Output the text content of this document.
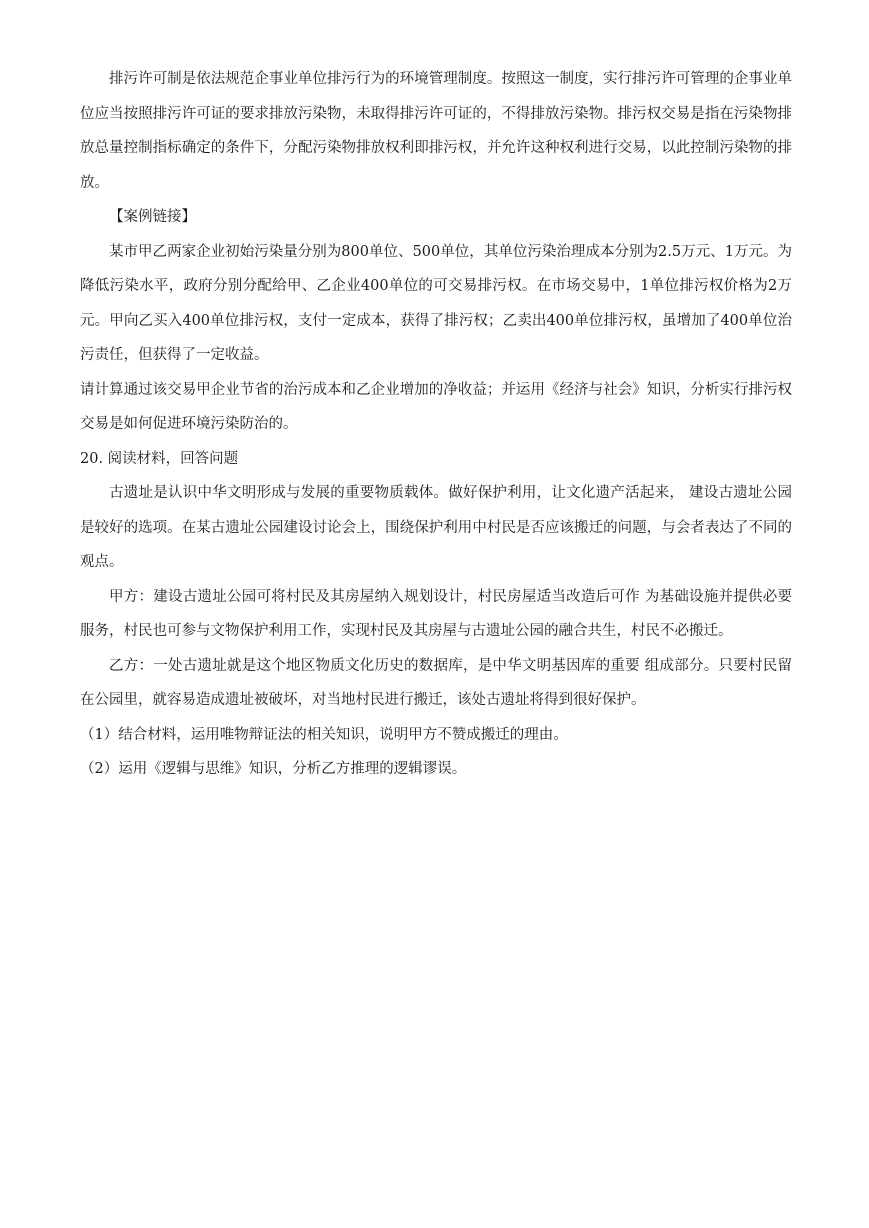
排污许可制是依法规范企事业单位排污行为的环境管理制度。按照这一制度，实行排污许可管理的企事业单位应当按照排污许可证的要求排放污染物，未取得排污许可证的，不得排放污染物。排污权交易是指在污染物排放总量控制指标确定的条件下，分配污染物排放权利即排污权，并允许这种权利进行交易，以此控制污染物的排放。

【案例链接】

某市甲乙两家企业初始污染量分别为800单位、500单位，其单位污染治理成本分别为2.5万元、1万元。为降低污染水平，政府分别分配给甲、乙企业400单位的可交易排污权。在市场交易中，1单位排污权价格为2万元。甲向乙买入400单位排污权，支付一定成本，获得了排污权；乙卖出400单位排污权，虽增加了400单位治污责任，但获得了一定收益。

请计算通过该交易甲企业节省的治污成本和乙企业增加的净收益；并运用《经济与社会》知识，分析实行排污权交易是如何促进环境污染防治的。

20. 阅读材料，回答问题

古遗址是认识中华文明形成与发展的重要物质载体。做好保护利用，让文化遗产活起来， 建设古遗址公园是较好的选项。在某古遗址公园建设讨论会上，围绕保护利用中村民是否应该搬迁的问题，与会者表达了不同的观点。

甲方：建设古遗址公园可将村民及其房屋纳入规划设计，村民房屋适当改造后可作 为基础设施并提供必要服务，村民也可参与文物保护利用工作，实现村民及其房屋与古遗址公园的融合共生，村民不必搬迁。

乙方：一处古遗址就是这个地区物质文化历史的数据库，是中华文明基因库的重要 组成部分。只要村民留在公园里，就容易造成遗址被破坏，对当地村民进行搬迁，该处古遗址将得到很好保护。

（1）结合材料，运用唯物辩证法的相关知识，说明甲方不赞成搬迁的理由。

（2）运用《逻辑与思维》知识，分析乙方推理的逻辑谬误。
